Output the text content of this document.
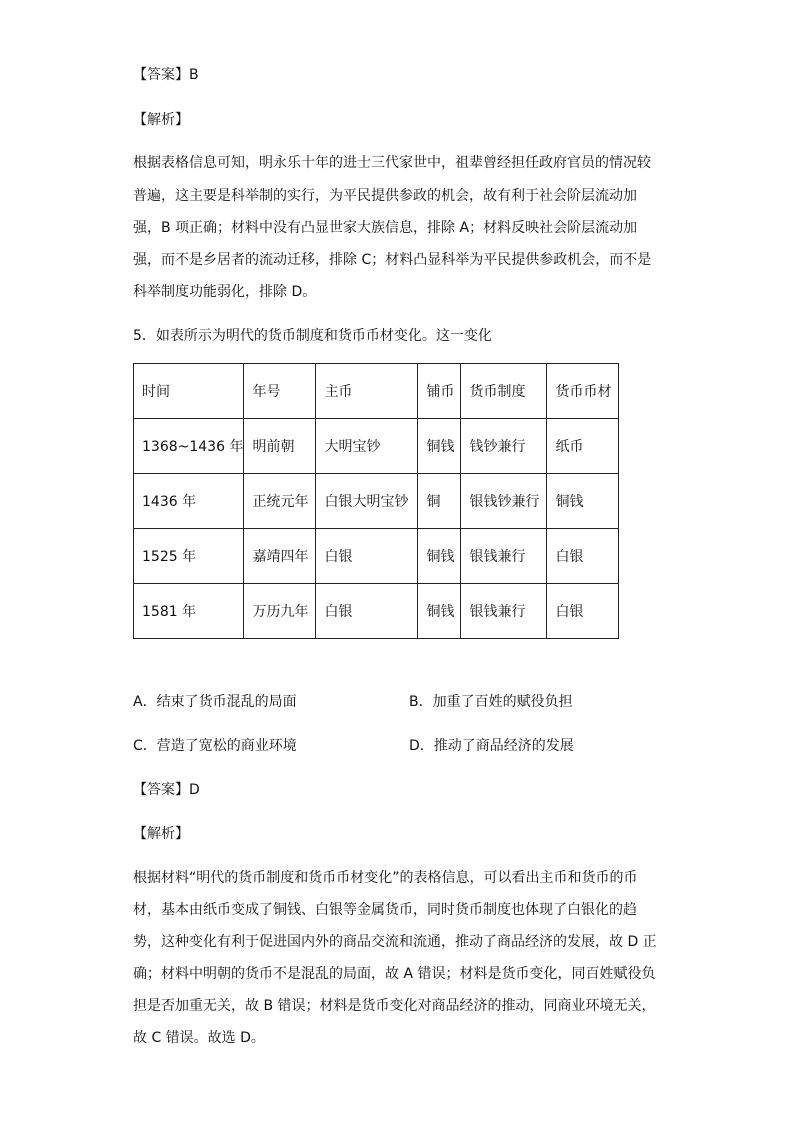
【答案】B
【解析】
根据表格信息可知，明永乐十年的进士三代家世中，祖辈曾经担任政府官员的情况较
普遍，这主要是科举制的实行，为平民提供参政的机会，故有利于社会阶层流动加
强，B 项正确；材料中没有凸显世家大族信息，排除 A；材料反映社会阶层流动加
强，而不是乡居者的流动迁移，排除 C；材料凸显科举为平民提供参政机会，而不是
科举制度功能弱化，排除 D。
5．如表所示为明代的货币制度和货币币材变化。这一变化
时间	年号	主币	铺币	货币制度	货币币材
1368~1436 年	明前朝	大明宝钞	铜钱	钱钞兼行	纸币
1436 年	正统元年	白银大明宝钞	铜	银钱钞兼行	铜钱
1525 年	嘉靖四年	白银	铜钱	银钱兼行	白银
1581 年	万历九年	白银	铜钱	银钱兼行	白银
A．结束了货币混乱的局面	B．加重了百姓的赋役负担
C．营造了宽松的商业环境	D．推动了商品经济的发展
【答案】D
【解析】
根据材料“明代的货币制度和货币币材变化”的表格信息，可以看出主币和货币的币
材，基本由纸币变成了铜钱、白银等金属货币，同时货币制度也体现了白银化的趋
势，这种变化有利于促进国内外的商品交流和流通，推动了商品经济的发展，故 D 正
确；材料中明朝的货币不是混乱的局面，故 A 错误；材料是货币变化，同百姓赋役负
担是否加重无关，故 B 错误；材料是货币变化对商品经济的推动，同商业环境无关，
故 C 错误。故选 D。
